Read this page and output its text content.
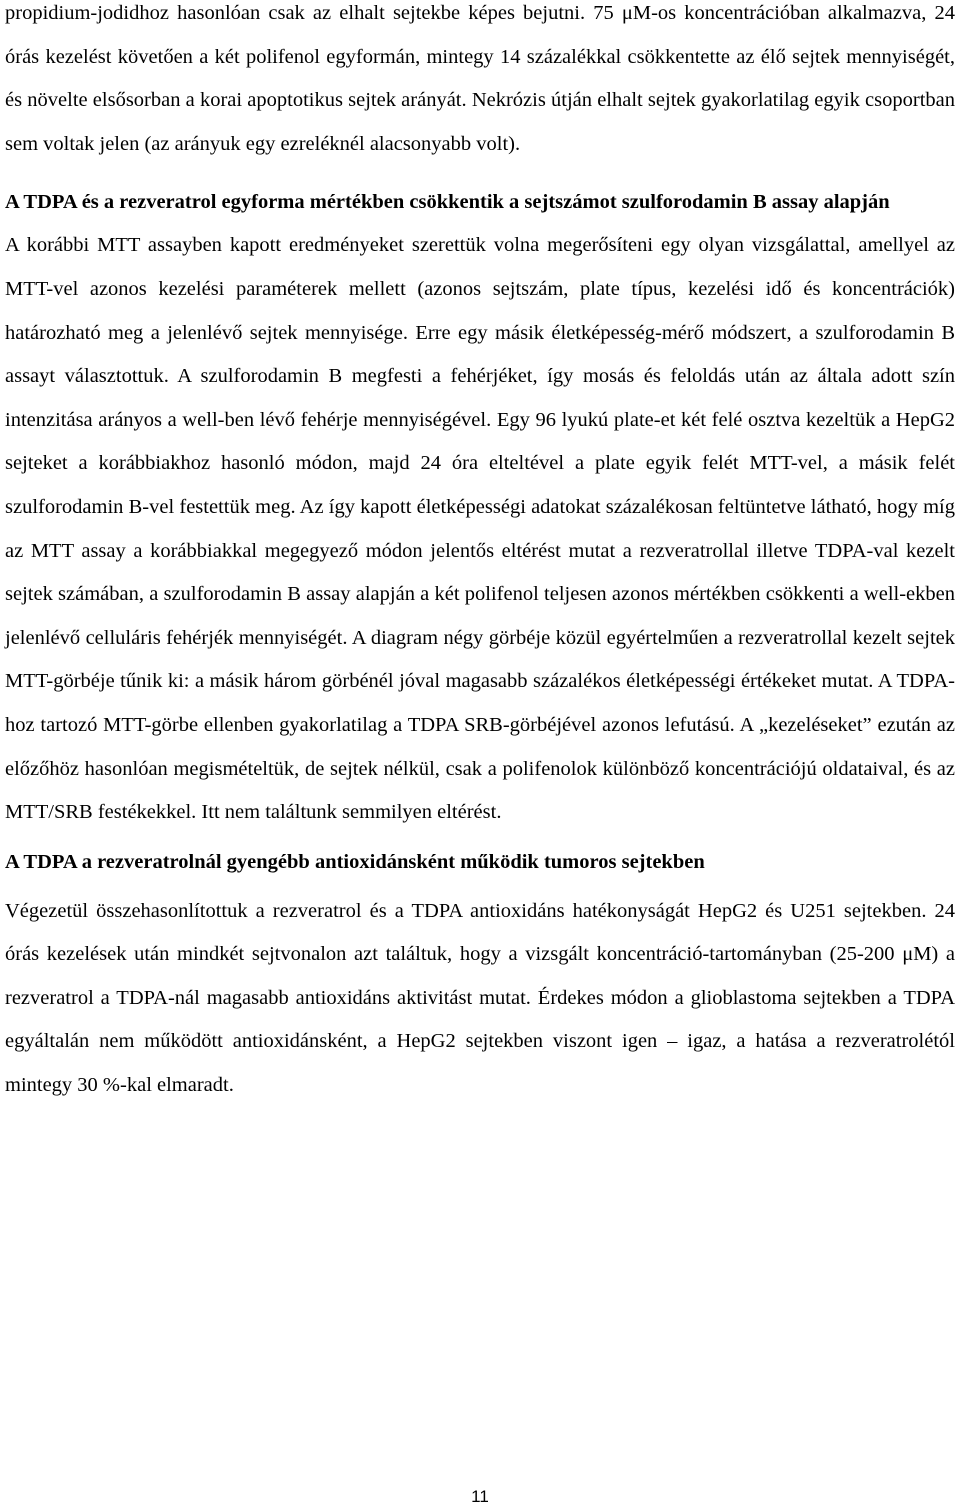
propidium-jodidhoz hasonlóan csak az elhalt sejtekbe képes bejutni. 75 μM-os koncentrációban alkalmazva, 24 órás kezelést követően a két polifenol egyformán, mintegy 14 százalékkal csökkentette az élő sejtek mennyiségét, és növelte elsősorban a korai apoptotikus sejtek arányát. Nekrózis útján elhalt sejtek gyakorlatilag egyik csoportban sem voltak jelen (az arányuk egy ezreléknél alacsonyabb volt).

A TDPA és a rezveratrol egyforma mértékben csökkentik a sejtszámot szulforodamin B assay alapján

A korábbi MTT assayben kapott eredményeket szerettük volna megerősíteni egy olyan vizsgálattal, amellyel az MTT-vel azonos kezelési paraméterek mellett (azonos sejtszám, plate típus, kezelési idő és koncentrációk) határozható meg a jelenlévő sejtek mennyisége. Erre egy másik életképesség-mérő módszert, a szulforodamin B assayt választottuk. A szulforodamin B megfesti a fehérjéket, így mosás és feloldás után az általa adott szín intenzitása arányos a well-ben lévő fehérje mennyiségével. Egy 96 lyukú plate-et két felé osztva kezeltük a HepG2 sejteket a korábbiakhoz hasonló módon, majd 24 óra elteltével a plate egyik felét MTT-vel, a másik felét szulforodamin B-vel festettük meg. Az így kapott életképességi adatokat százalékosan feltüntetve látható, hogy míg az MTT assay a korábbiakkal megegyező módon jelentős eltérést mutat a rezveratrollal illetve TDPA-val kezelt sejtek számában, a szulforodamin B assay alapján a két polifenol teljesen azonos mértékben csökkenti a well-ekben jelenlévő celluláris fehérjék mennyiségét. A diagram négy görbéje közül egyértelműen a rezveratrollal kezelt sejtek MTT-görbéje tűnik ki: a másik három görbénél jóval magasabb százalékos életképességi értékeket mutat. A TDPA-hoz tartozó MTT-görbe ellenben gyakorlatilag a TDPA SRB-görbéjével azonos lefutású. A „kezeléseket” ezután az előzőhöz hasonlóan megismételtük, de sejtek nélkül, csak a polifenolok különböző koncentrációjú oldataival, és az MTT/SRB festékekkel. Itt nem találtunk semmilyen eltérést.

A TDPA a rezveratrolnál gyengébb antioxidánsként működik tumoros sejtekben

Végezetül összehasonlítottuk a rezveratrol és a TDPA antioxidáns hatékonyságát HepG2 és U251 sejtekben. 24 órás kezelések után mindkét sejtvonalon azt találtuk, hogy a vizsgált koncentráció-tartományban (25-200 μM) a rezveratrol a TDPA-nál magasabb antioxidáns aktivitást mutat. Érdekes módon a glioblastoma sejtekben a TDPA egyáltalán nem működött antioxidánsként, a HepG2 sejtekben viszont igen – igaz, a hatása a rezveratrolétól mintegy 30 %-kal elmaradt.

11
